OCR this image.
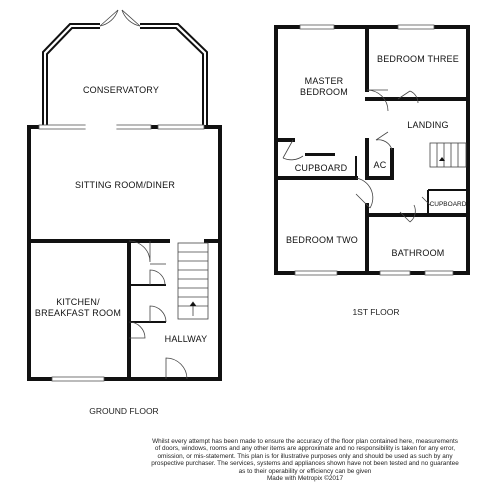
CONSERVATORY
SITTING ROOM/DINER
KITCHEN/
BREAKFAST ROOM
HALLWAY
GROUND FLOOR
MASTER
BEDROOM
BEDROOM THREE
LANDING
CUPBOARD	AC
CUPBOARD
BEDROOM TWO
BATHROOM
1ST FLOOR
Whilst every attempt has been made to ensure the accuracy of the floor plan contained here, measurements
of doors, windows, rooms and any other items are approximate and no responsibility is taken for any error,
omission, or mis-statement. This plan is for illustrative purposes only and should be used as such by any
prospective purchaser. The services, systems and appliances shown have not been tested and no guarantee
as to their operability or efficiency can be given
Made with Metropix ©2017
